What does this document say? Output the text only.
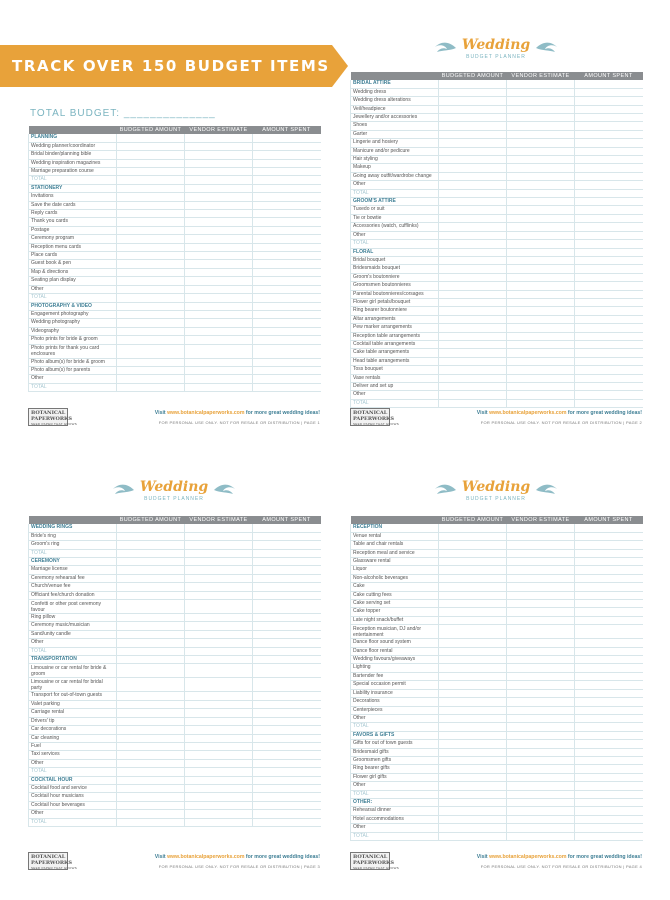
TRACK OVER 150 BUDGET ITEMS
TOTAL BUDGET: ______________
	BUDGETED AMOUNT	VENDOR ESTIMATE	AMOUNT SPENT
PLANNING			
Wedding planner/coordinator			
Bridal binder/planning bible			
Wedding inspiration magazines			
Marriage preparation course			
TOTAL			
STATIONERY			
Invitations			
Save the date cards			
Reply cards			
Thank you cards			
Postage			
Ceremony program			
Reception menu cards			
Place cards			
Guest book & pen			
Map & directions			
Seating plan display			
Other			
TOTAL			
PHOTOGRAPHY & VIDEO			
Engagement photography			
Wedding photography			
Videography			
Photo prints for bride & groom			
Photo prints for thank you card enclosures			
Photo album(s) for bride & groom			
Photo album(s) for parents			
Other			
TOTAL			
BOTANICAL
PAPERWORKS
SEED PAPER THAT GROWS
Visit www.botanicalpaperworks.com for more great wedding ideas!
FOR PERSONAL USE ONLY. NOT FOR RESALE OR DISTRIBUTION | PAGE 1
Wedding
BUDGET PLANNER
	BUDGETED AMOUNT	VENDOR ESTIMATE	AMOUNT SPENT
BRIDAL ATTIRE			
Wedding dress			
Wedding dress alterations			
Veil/headpiece			
Jewellery and/or accessories			
Shoes			
Garter			
Lingerie and hosiery			
Manicure and/or pedicure			
Hair styling			
Makeup			
Going away outfit/wardrobe change			
Other			
TOTAL			
GROOM'S ATTIRE			
Tuxedo or suit			
Tie or bowtie			
Accessories (watch, cufflinks)			
Other			
TOTAL			
FLORAL			
Bridal bouquet			
Bridesmaids bouquet			
Groom's boutonniere			
Groomsmen boutonnieres			
Parental boutonnieres/corsages			
Flower girl petals/bouquet			
Ring bearer boutonniere			
Altar arrangements			
Pew marker arrangements			
Reception table arrangements			
Cocktail table arrangements			
Cake table arrangements			
Head table arrangements			
Toss bouquet			
Vase rentals			
Deliver and set up			
Other			
TOTAL			
BOTANICAL
PAPERWORKS
SEED PAPER THAT GROWS
Visit www.botanicalpaperworks.com for more great wedding ideas!
FOR PERSONAL USE ONLY. NOT FOR RESALE OR DISTRIBUTION | PAGE 2
Wedding
BUDGET PLANNER
	BUDGETED AMOUNT	VENDOR ESTIMATE	AMOUNT SPENT
WEDDING RINGS			
Bride's ring			
Groom's ring			
TOTAL			
CEREMONY			
Marriage license			
Ceremony rehearsal fee			
Church/venue fee			
Officiant fee/church donation			
Confetti or other post ceremony favour			
Ring pillow			
Ceremony music/musician			
Sand/unity candle			
Other			
TOTAL			
TRANSPORTATION			
Limousine or car rental for bride & groom			
Limousine or car rental for bridal party			
Transport for out-of-town guests			
Valet parking			
Carriage rental			
Drivers' tip			
Car decorations			
Car cleaning			
Fuel			
Taxi services			
Other			
TOTAL			
COCKTAIL HOUR			
Cocktail food and service			
Cocktail hour musicians			
Cocktail hour beverages			
Other			
TOTAL			
BOTANICAL
PAPERWORKS
SEED PAPER THAT GROWS
Visit www.botanicalpaperworks.com for more great wedding ideas!
FOR PERSONAL USE ONLY. NOT FOR RESALE OR DISTRIBUTION | PAGE 3
Wedding
BUDGET PLANNER
	BUDGETED AMOUNT	VENDOR ESTIMATE	AMOUNT SPENT
RECEPTION			
Venue rental			
Table and chair rentals			
Reception meal and service			
Glassware rental			
Liquor			
Non-alcoholic beverages			
Cake			
Cake cutting fees			
Cake serving set			
Cake topper			
Late night snack/buffet			
Reception musician, DJ and/or entertainment			
Dance floor sound system			
Dance floor rental			
Wedding favours/giveaways			
Lighting			
Bartender fee			
Special occasion permit			
Liability insurance			
Decorations			
Centerpieces			
Other			
TOTAL			
FAVORS & GIFTS			
Gifts for out of town guests			
Bridesmaid gifts			
Groomsmen gifts			
Ring bearer gifts			
Flower girl gifts			
Other			
TOTAL			
OTHER:			
Rehearsal dinner			
Hotel accommodations			
Other			
TOTAL			
BOTANICAL
PAPERWORKS
SEED PAPER THAT GROWS
Visit www.botanicalpaperworks.com for more great wedding ideas!
FOR PERSONAL USE ONLY. NOT FOR RESALE OR DISTRIBUTION | PAGE 4
